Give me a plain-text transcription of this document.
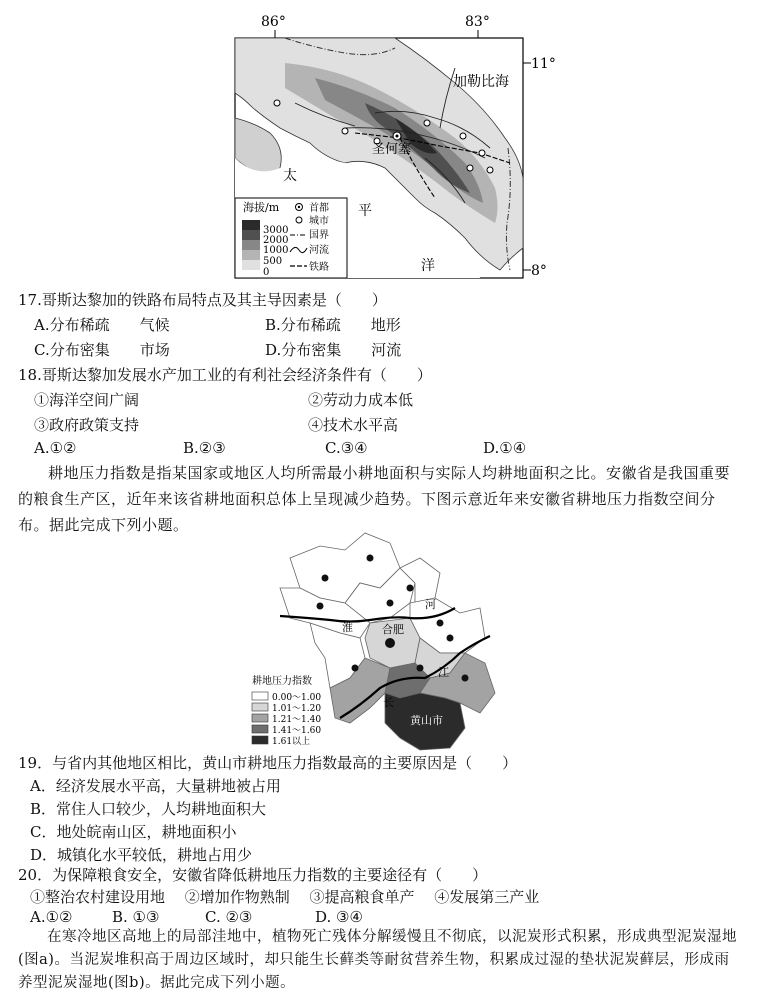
86°	83°
11°
8°
圣何塞
加勒比海
太
平
洋
海拔/m
3000
2000
1000
500
0
首都
城市
国界
河流
铁路
17.哥斯达黎加的铁路布局特点及其主导因素是（　　）
A.分布稀疏　　气候	B.分布稀疏　　地形
C.分布密集　　市场	D.分布密集　　河流
18.哥斯达黎加发展水产加工业的有利社会经济条件有（　　）
①海洋空间广阔	②劳动力成本低
③政府政策支持	④技术水平高
A.①②	B.②③	C.③④	D.①④
耕地压力指数是指某国家或地区人均所需最小耕地面积与实际人均耕地面积之比。安徽省是我国重要的粮食生产区，近年来该省耕地面积总体上呈现减少趋势。下图示意近年来安徽省耕地压力指数空间分布。据此完成下列小题。
淮
河
合肥
江
长
黄山市
耕地压力指数
0.00～1.00
1.01～1.20
1.21～1.40
1.41～1.60
1.61以上
19．与省内其他地区相比，黄山市耕地压力指数最高的主要原因是（　　）
A．经济发展水平高，大量耕地被占用
B．常住人口较少，人均耕地面积大
C．地处皖南山区，耕地面积小
D．城镇化水平较低，耕地占用少
20．为保障粮食安全，安徽省降低耕地压力指数的主要途径有（　　）
①整治农村建设用地　 ②增加作物熟制　 ③提高粮食单产　 ④发展第三产业
A.①②	B. ①③	C. ②③	D. ③④
在寒冷地区高地上的局部洼地中，植物死亡残体分解缓慢且不彻底，以泥炭形式积累，形成典型泥炭湿地(图a)。当泥炭堆积高于周边区域时，却只能生长藓类等耐贫营养生物，积累成过湿的垫状泥炭藓层，形成雨养型泥炭湿地(图b)。据此完成下列小题。
